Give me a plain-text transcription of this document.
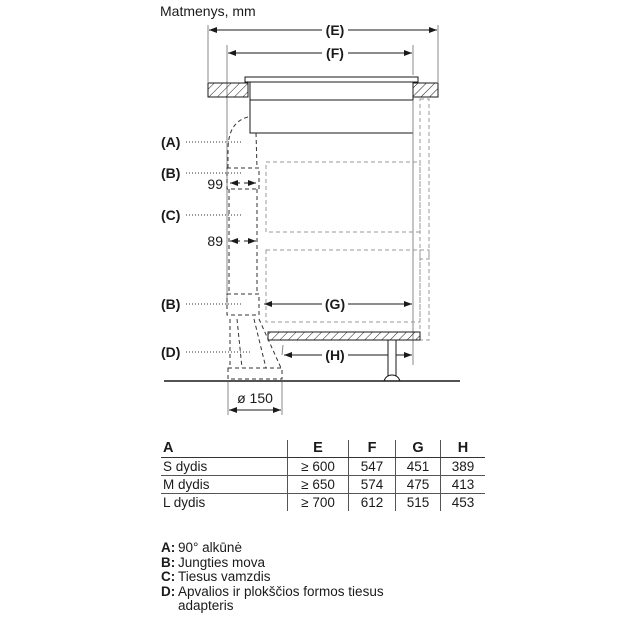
Matmenys, mm
(E)
(F)
99
89
(A)
(B)
(C)
(B)
(D)
(G)
(H)
ø 150
A	E	F	G	H
S dydis	≥ 600	547	451	389
M dydis	≥ 650	574	475	413
L dydis	≥ 700	612	515	453
A: 90° alkūnė
B: Jungties mova
C: Tiesus vamzdis
D: Apvalios ir plokščios formos tiesus adapteris
